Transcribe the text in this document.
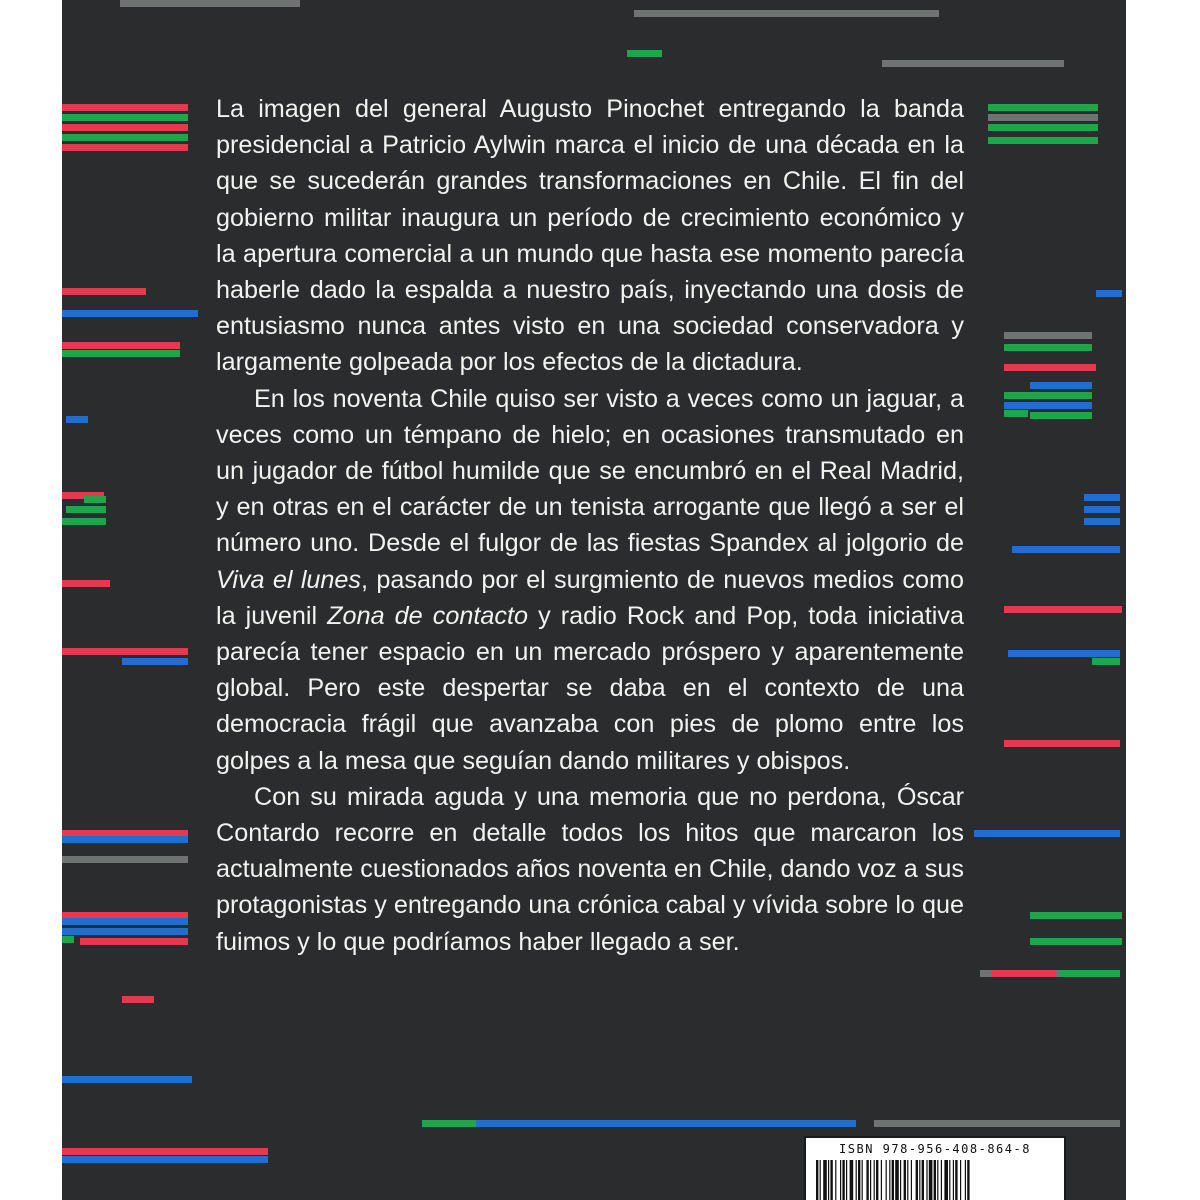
La imagen del general Augusto Pinochet entregando la banda presidencial a Patricio Aylwin marca el inicio de una década en la que se sucederán grandes transformaciones en Chile. El fin del gobierno militar inaugura un período de crecimiento económico y la apertura comercial a un mundo que hasta ese momento parecía haberle dado la espalda a nuestro país, inyectando una dosis de entusiasmo nunca antes visto en una sociedad conservadora y largamente golpeada por los efectos de la dictadura.

En los noventa Chile quiso ser visto a veces como un jaguar, a veces como un témpano de hielo; en ocasiones transmutado en un jugador de fútbol humilde que se encumbró en el Real Madrid, y en otras en el carácter de un tenista arrogante que llegó a ser el número uno. Desde el fulgor de las fiestas Spandex al jolgorio de Viva el lunes, pasando por el surgmiento de nuevos medios como la juvenil Zona de contacto y radio Rock and Pop, toda iniciativa parecía tener espacio en un mercado próspero y aparentemente global. Pero este despertar se daba en el contexto de una democracia frágil que avanzaba con pies de plomo entre los golpes a la mesa que seguían dando militares y obispos.

Con su mirada aguda y una memoria que no perdona, Óscar Contardo recorre en detalle todos los hitos que marcaron los actualmente cuestionados años noventa en Chile, dando voz a sus protagonistas y entregando una crónica cabal y vívida sobre lo que fuimos y lo que podríamos haber llegado a ser.

ISBN 978-956-408-864-8
